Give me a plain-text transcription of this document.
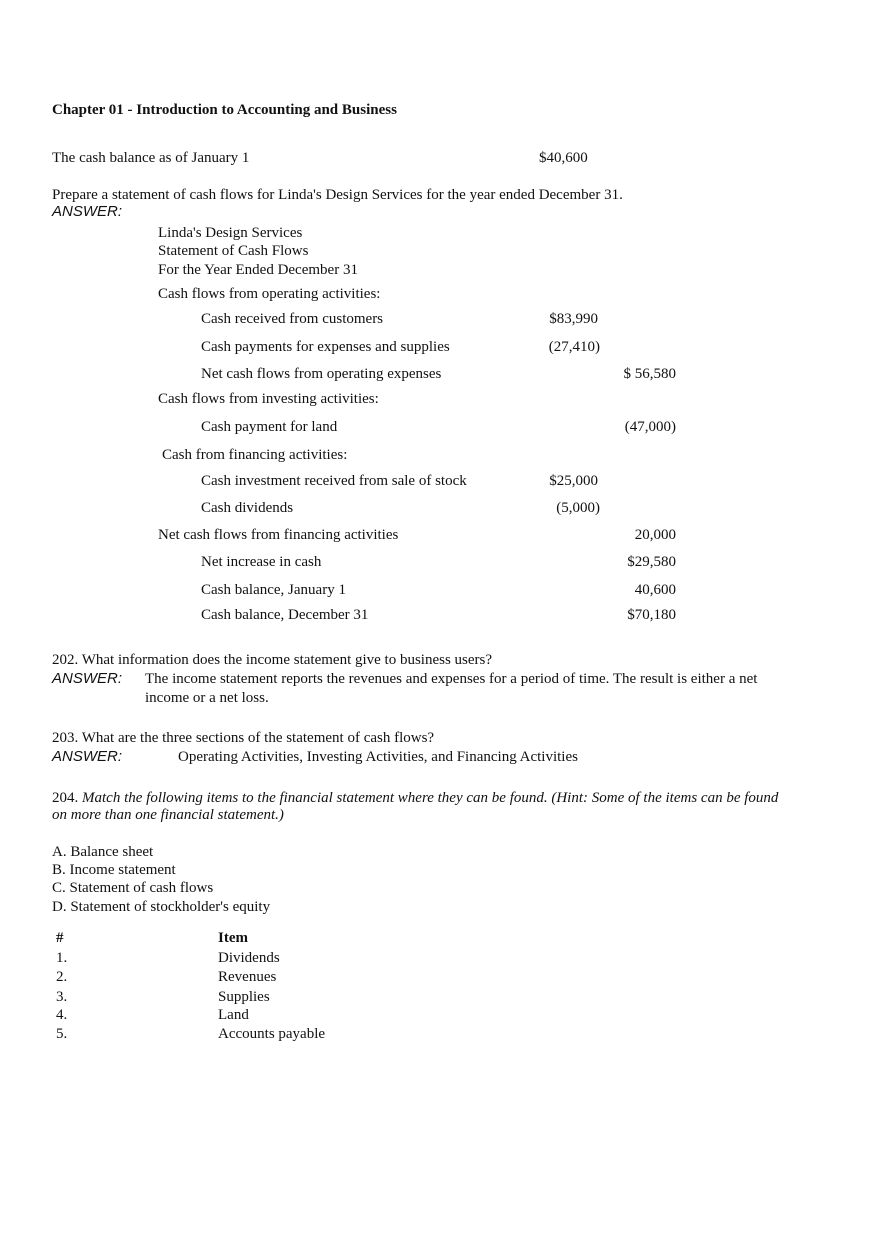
Chapter 01 - Introduction to Accounting and Business
The cash balance as of January 1	$40,600
Prepare a statement of cash flows for Linda's Design Services for the year ended December 31.
ANSWER:
Linda's Design Services
Statement of Cash Flows
For the Year Ended December 31
Cash flows from operating activities:
Cash received from customers	$83,990
Cash payments for expenses and supplies	(27,410)
Net cash flows from operating expenses	$ 56,580
Cash flows from investing activities:
Cash payment for land	(47,000)
Cash from financing activities:
Cash investment received from sale of stock	$25,000
Cash dividends	(5,000)
Net cash flows from financing activities	20,000
Net increase in cash	$29,580
Cash balance, January 1	40,600
Cash balance, December 31	$70,180
202. What information does the income statement give to business users?
ANSWER: The income statement reports the revenues and expenses for a period of time. The result is either a net
income or a net loss.
203. What are the three sections of the statement of cash flows?
ANSWER:	Operating Activities, Investing Activities, and Financing Activities
204. Match the following items to the financial statement where they can be found. (Hint: Some of the items can be found
on more than one financial statement.)
A. Balance sheet
B. Income statement
C. Statement of cash flows
D. Statement of stockholder's equity
#	Item
1.	Dividends
2.	Revenues
3.	Supplies
4.	Land
5.	Accounts payable
